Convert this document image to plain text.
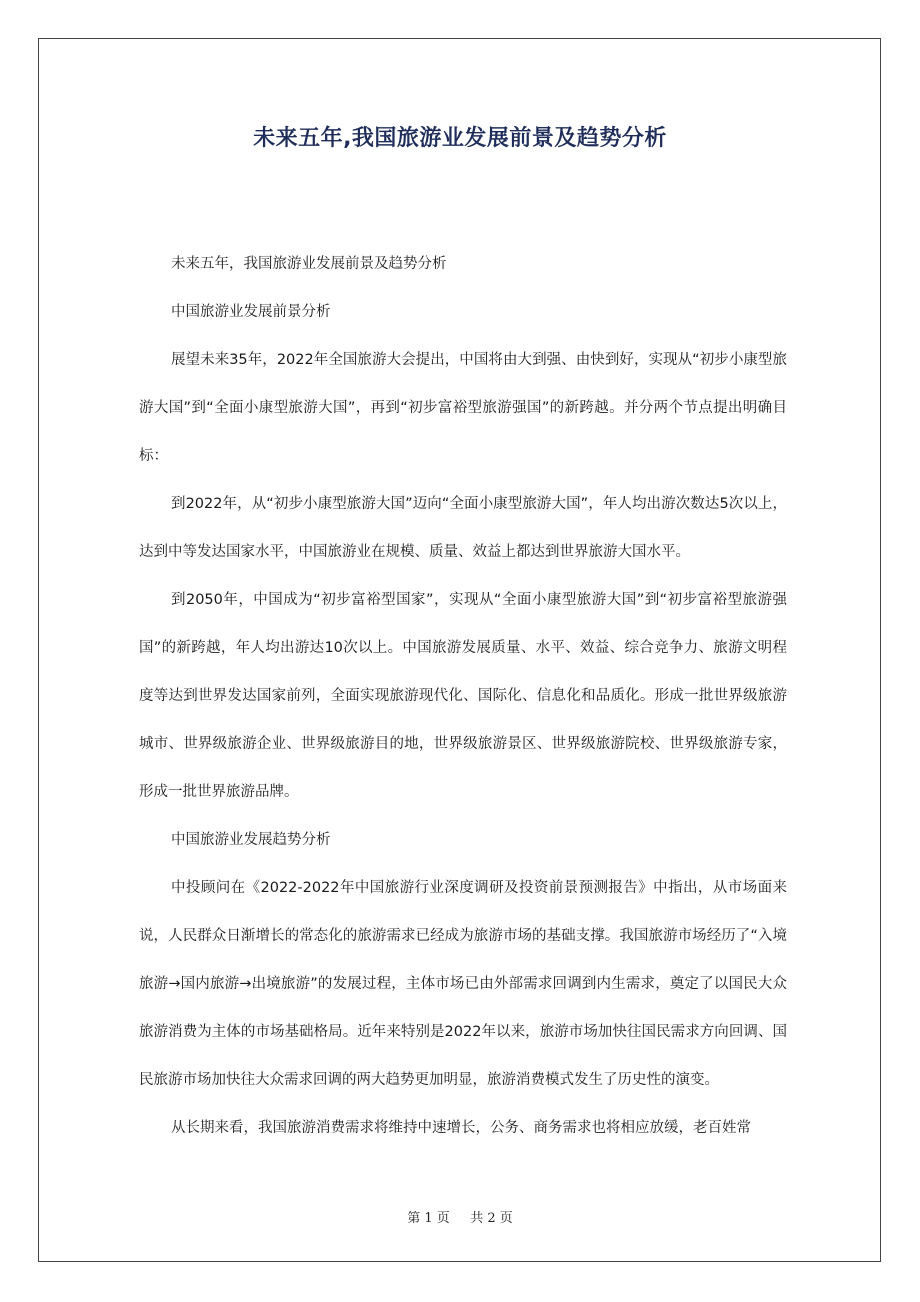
未来五年,我国旅游业发展前景及趋势分析

未来五年，我国旅游业发展前景及趋势分析

中国旅游业发展前景分析

展望未来35年，2022年全国旅游大会提出，中国将由大到强、由快到好，实现从“初步小康型旅游大国”到“全面小康型旅游大国”，再到“初步富裕型旅游强国”的新跨越。并分两个节点提出明确目标：

到2022年，从“初步小康型旅游大国”迈向“全面小康型旅游大国”，年人均出游次数达5次以上，达到中等发达国家水平，中国旅游业在规模、质量、效益上都达到世界旅游大国水平。

到2050年，中国成为“初步富裕型国家”，实现从“全面小康型旅游大国”到“初步富裕型旅游强国”的新跨越，年人均出游达10次以上。中国旅游发展质量、水平、效益、综合竞争力、旅游文明程度等达到世界发达国家前列，全面实现旅游现代化、国际化、信息化和品质化。形成一批世界级旅游城市、世界级旅游企业、世界级旅游目的地，世界级旅游景区、世界级旅游院校、世界级旅游专家，形成一批世界旅游品牌。

中国旅游业发展趋势分析

中投顾问在《2022-2022年中国旅游行业深度调研及投资前景预测报告》中指出，从市场面来说，人民群众日渐增长的常态化的旅游需求已经成为旅游市场的基础支撑。我国旅游市场经历了“入境旅游→国内旅游→出境旅游”的发展过程，主体市场已由外部需求回调到内生需求，奠定了以国民大众旅游消费为主体的市场基础格局。近年来特别是2022年以来，旅游市场加快往国民需求方向回调、国民旅游市场加快往大众需求回调的两大趋势更加明显，旅游消费模式发生了历史性的演变。

从长期来看，我国旅游消费需求将维持中速增长，公务、商务需求也将相应放缓，老百姓常

第 1 页 共 2 页
